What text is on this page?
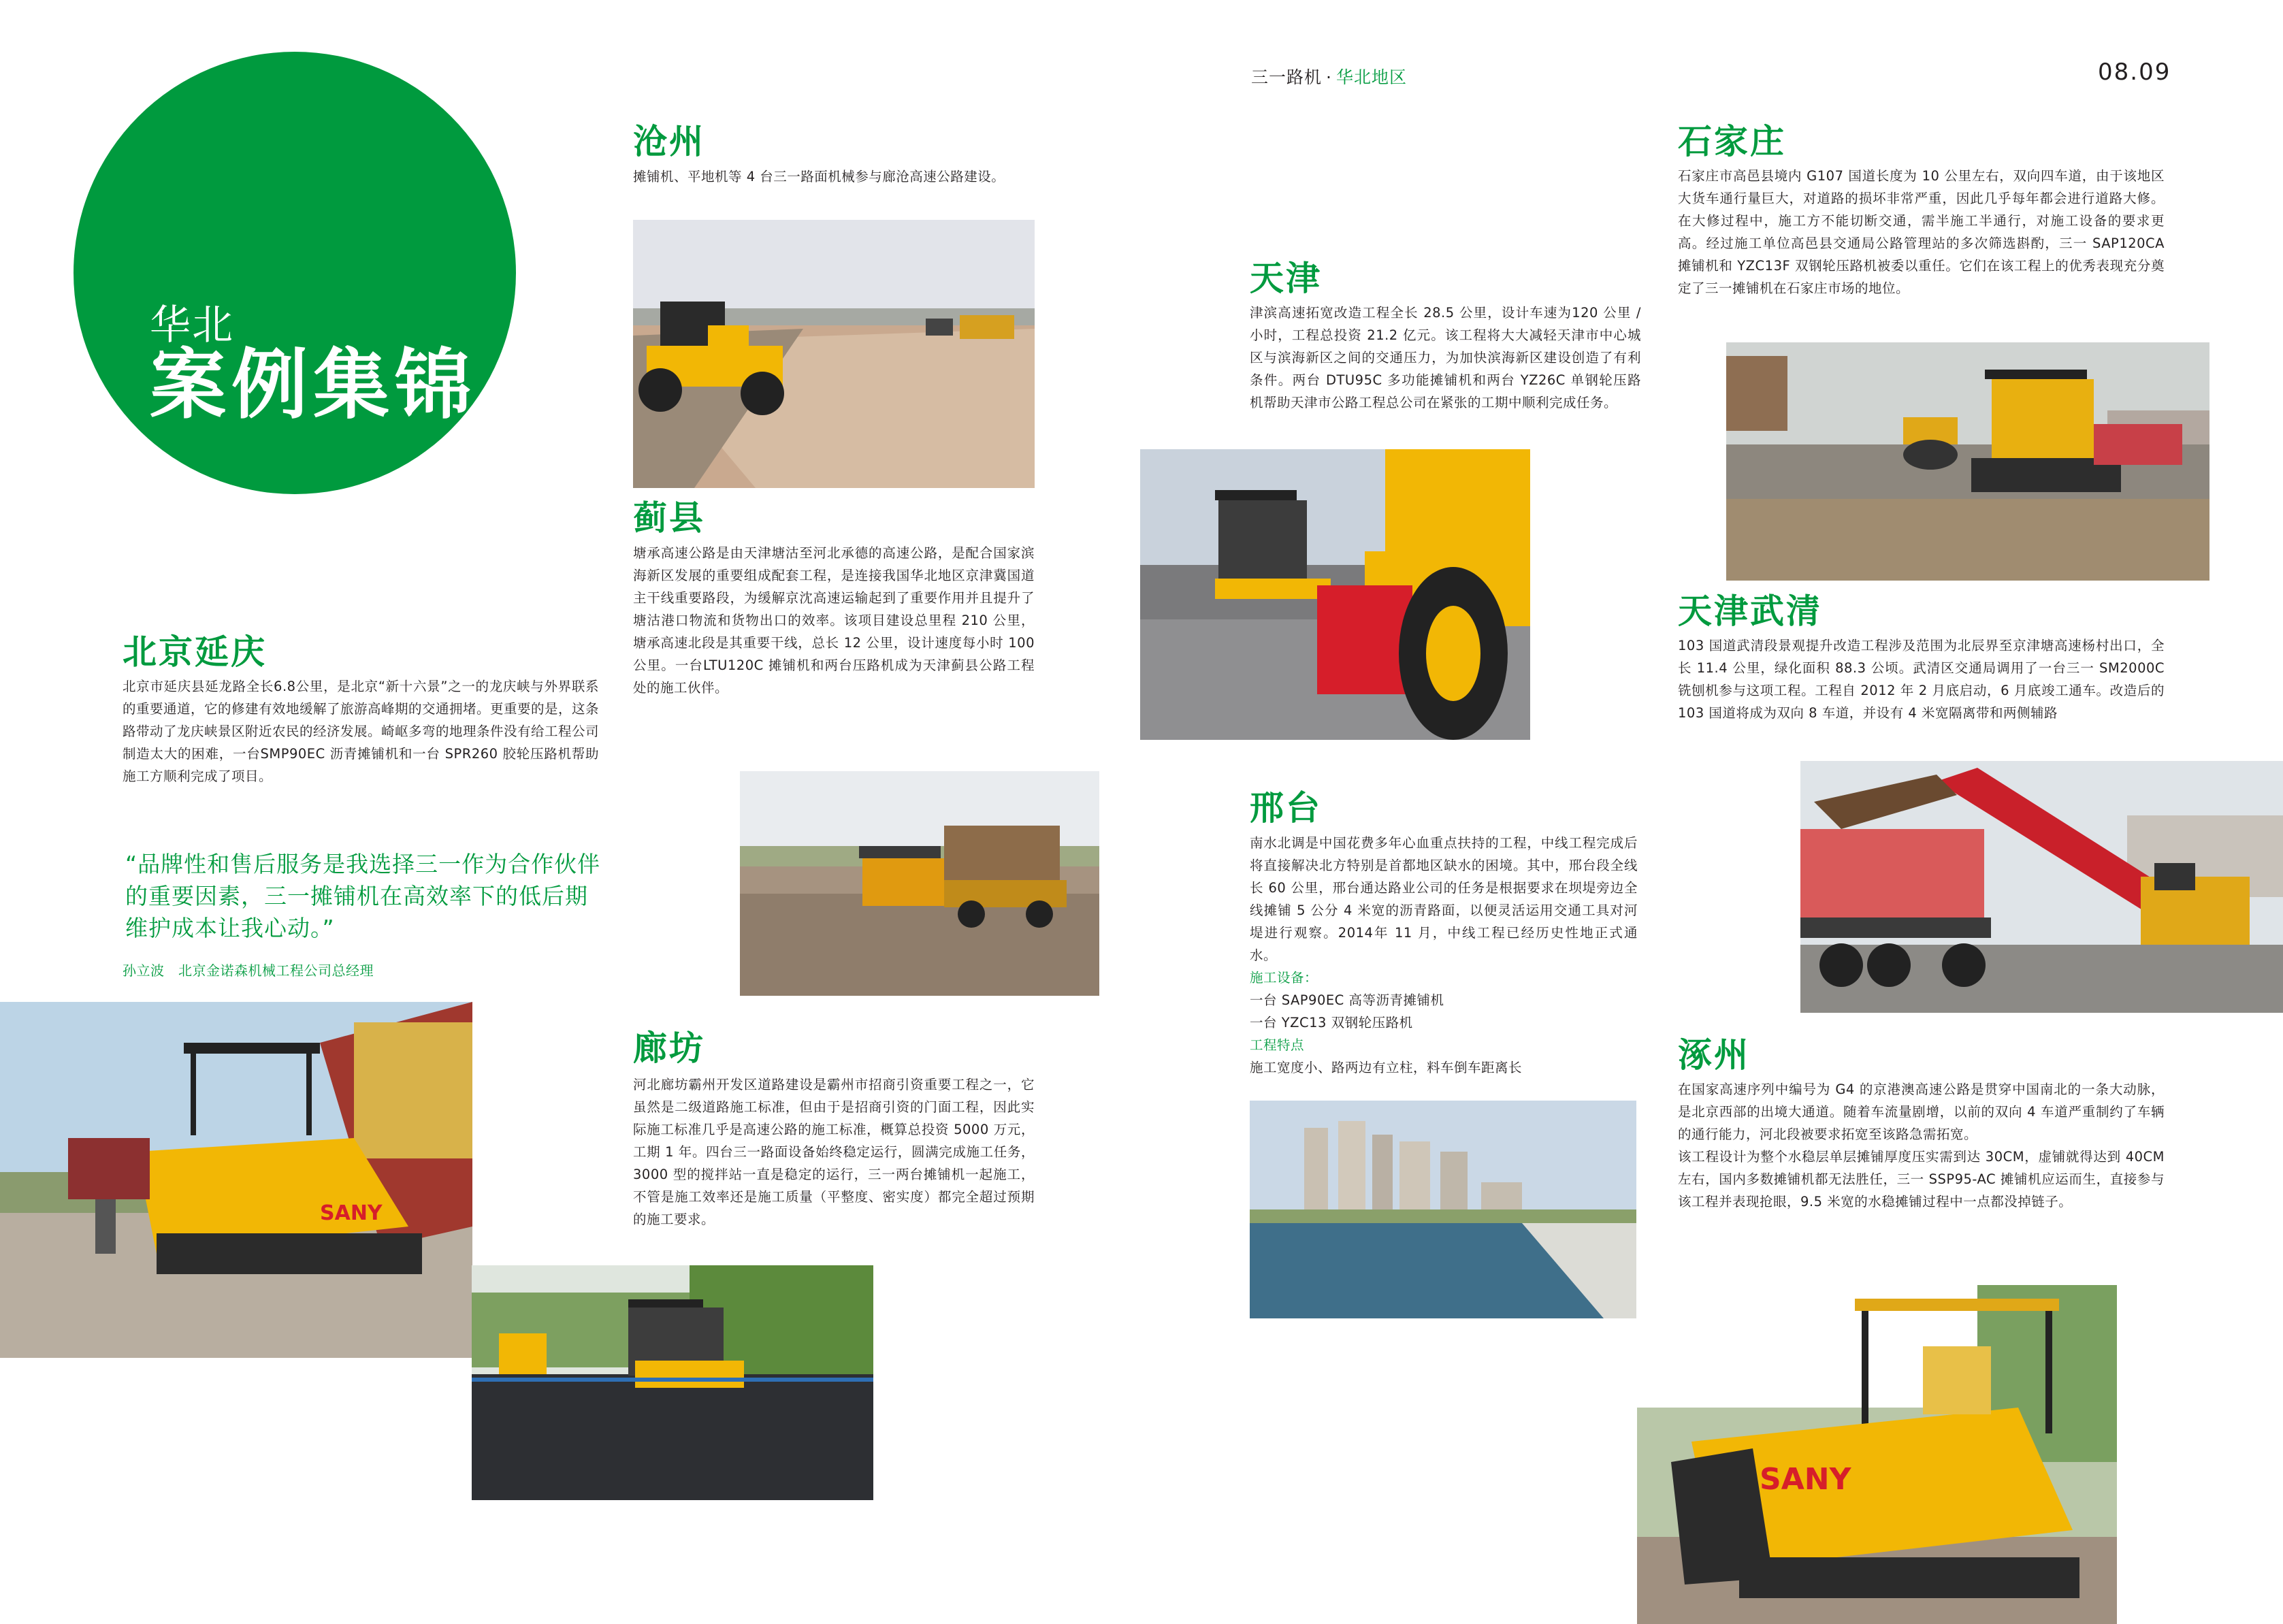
三一路机 · 华北地区	08.09
华北
案例集锦
北京延庆
北京市延庆县延龙路全长6.8公里，是北京“新十六景”之一的龙庆峡与外界联系的重要通道，它的修建有效地缓解了旅游高峰期的交通拥堵。更重要的是，这条路带动了龙庆峡景区附近农民的经济发展。崎岖多弯的地理条件没有给工程公司制造太大的困难，一台SMP90EC 沥青摊铺机和一台 SPR260 胶轮压路机帮助施工方顺利完成了项目。
“品牌性和售后服务是我选择三一作为合作伙伴的重要因素，三一摊铺机在高效率下的低后期维护成本让我心动。”
孙立波　北京金诺森机械工程公司总经理
沧州
摊铺机、平地机等 4 台三一路面机械参与廊沧高速公路建设。
蓟县
塘承高速公路是由天津塘沽至河北承德的高速公路，是配合国家滨海新区发展的重要组成配套工程，是连接我国华北地区京津冀国道主干线重要路段，为缓解京沈高速运输起到了重要作用并且提升了塘沽港口物流和货物出口的效率。该项目建设总里程 210 公里，塘承高速北段是其重要干线，总长 12 公里，设计速度每小时 100 公里。一台LTU120C 摊铺机和两台压路机成为天津蓟县公路工程处的施工伙伴。
廊坊
河北廊坊霸州开发区道路建设是霸州市招商引资重要工程之一，它虽然是二级道路施工标准，但由于是招商引资的门面工程，因此实际施工标准几乎是高速公路的施工标准，概算总投资 5000 万元，工期 1 年。四台三一路面设备始终稳定运行，圆满完成施工任务，3000 型的搅拌站一直是稳定的运行，三一两台摊铺机一起施工，不管是施工效率还是施工质量（平整度、密实度）都完全超过预期的施工要求。
天津
津滨高速拓宽改造工程全长 28.5 公里，设计车速为120 公里 / 小时，工程总投资 21.2 亿元。该工程将大大减轻天津市中心城区与滨海新区之间的交通压力，为加快滨海新区建设创造了有利条件。两台 DTU95C 多功能摊铺机和两台 YZ26C 单钢轮压路机帮助天津市公路工程总公司在紧张的工期中顺利完成任务。
邢台

南水北调是中国花费多年心血重点扶持的工程，中线工程完成后将直接解决北方特别是首都地区缺水的困境。其中，邢台段全线长 60 公里，邢台通达路业公司的任务是根据要求在坝堤旁边全线摊铺 5 公分 4 米宽的沥青路面，以便灵活运用交通工具对河堤进行观察。2014年 11 月，中线工程已经历史性地正式通水。

施工设备：

一台 SAP90EC 高等沥青摊铺机

一台 YZC13 双钢轮压路机

工程特点

施工宽度小、路两边有立柱，料车倒车距离长

石家庄
石家庄市高邑县境内 G107 国道长度为 10 公里左右，双向四车道，由于该地区大货车通行量巨大，对道路的损坏非常严重，因此几乎每年都会进行道路大修。在大修过程中，施工方不能切断交通，需半施工半通行，对施工设备的要求更高。经过施工单位高邑县交通局公路管理站的多次筛选斟酌，三一 SAP120CA 摊铺机和 YZC13F 双钢轮压路机被委以重任。它们在该工程上的优秀表现充分奠定了三一摊铺机在石家庄市场的地位。
天津武清
103 国道武清段景观提升改造工程涉及范围为北辰界至京津塘高速杨村出口，全长 11.4 公里，绿化面积 88.3 公顷。武清区交通局调用了一台三一 SM2000C 铣刨机参与这项工程。工程自 2012 年 2 月底启动，6 月底竣工通车。改造后的 103 国道将成为双向 8 车道，并设有 4 米宽隔离带和两侧辅路
涿州

在国家高速序列中编号为 G4 的京港澳高速公路是贯穿中国南北的一条大动脉，是北京西部的出境大通道。随着车流量剧增，以前的双向 4 车道严重制约了车辆的通行能力，河北段被要求拓宽至该路急需拓宽。

该工程设计为整个水稳层单层摊铺厚度压实需到达 30CM，虚铺就得达到 40CM 左右，国内多数摊铺机都无法胜任，三一 SSP95-AC 摊铺机应运而生，直接参与该工程并表现抢眼，9.5 米宽的水稳摊铺过程中一点都没掉链子。

SANY
SANY
